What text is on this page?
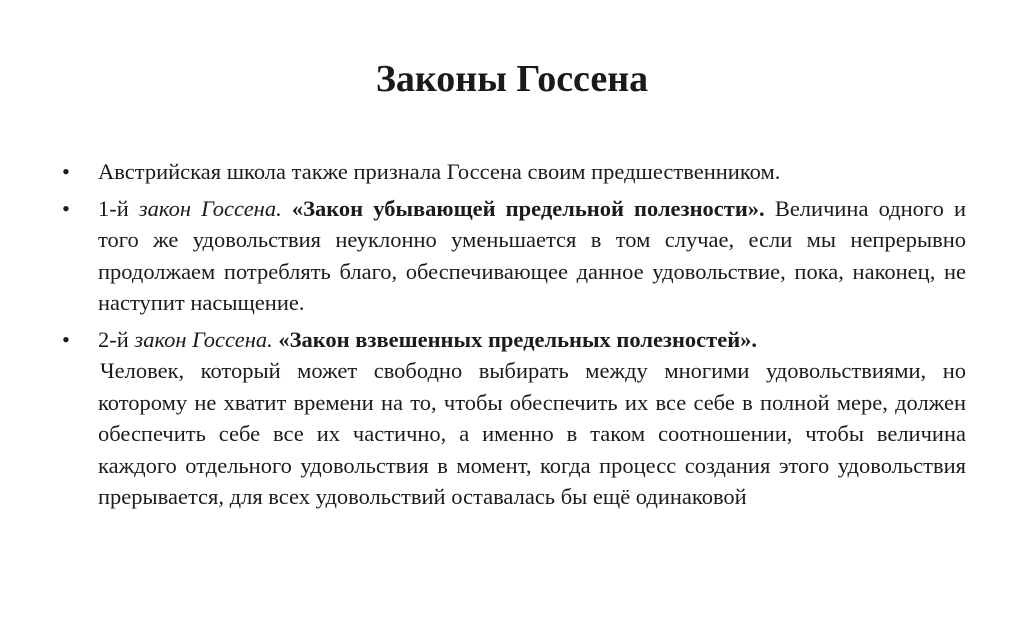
Законы Госсена
• Австрийская школа также признала Госсена своим предшественником.
• 1-й закон Госсена. «Закон убывающей предельной полезности». Величина одного и того же удовольствия неуклонно уменьшается в том случае, если мы непрерывно продолжаем потреблять благо, обеспечивающее данное удовольствие, пока, наконец, не наступит насыщение.
• 2-й закон Госсена. «Закон взвешенных предельных полезностей».
Человек, который может свободно выбирать между многими удовольствиями, но которому не хватит времени на то, чтобы обеспечить их все себе в полной мере, должен обеспечить себе все их частично, а именно в таком соотношении, чтобы величина каждого отдельного удовольствия в момент, когда процесс создания этого удовольствия прерывается, для всех удовольствий оставалась бы ещё одинаковой
